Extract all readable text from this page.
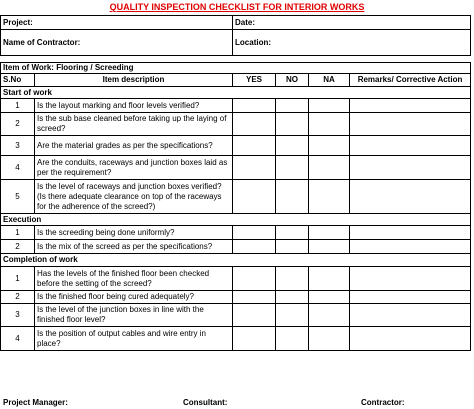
QUALITY INSPECTION CHECKLIST FOR INTERIOR WORKS
Project:		Date:			
Name of Contractor:		Location:			

Item of Work: Flooring / Screeding					
S.No	Item description	YES	NO	NA	Remarks/ Corrective Action
Start of work					
1	Is the layout marking and floor levels verified?				
2	Is the sub base cleaned before taking up the laying of screed?				
3	Are the material grades as per the specifications?				
4	Are the conduits, raceways and junction boxes laid as per the requirement?				
5	Is the level of raceways and junction boxes verified? (Is there adequate clearance on top of the raceways for the adherence of the screed?)				
Execution					
1	Is the screeding being done uniformly?				
2	Is the mix of the screed as per the specifications?				
Completion of work					
1	Has the levels of the finished floor been checked before the setting of the screed?				
2	Is the finished floor being cured adequately?				
3	Is the level of the junction boxes in line with the finished floor level?				
4	Is the position of output cables and wire entry in place?				
Project Manager:	Consultant:	Contractor:
